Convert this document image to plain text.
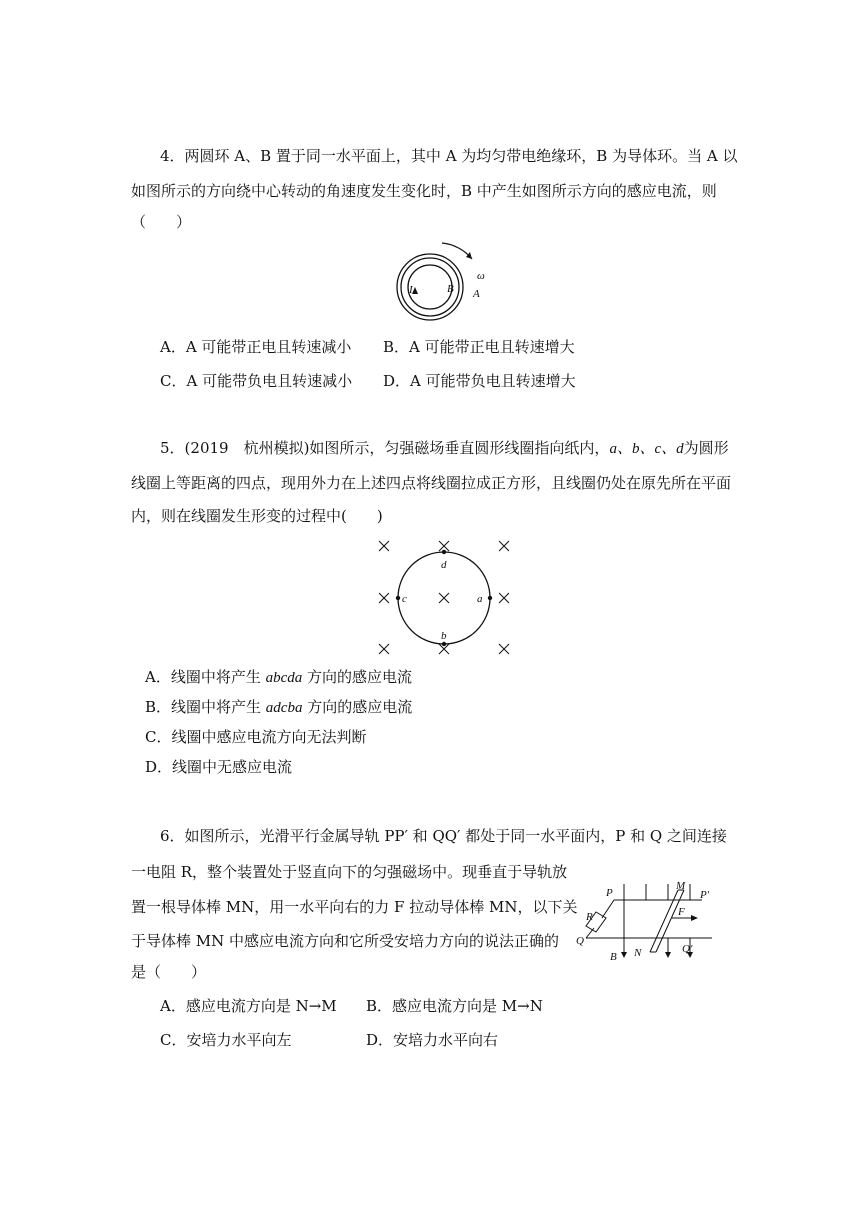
4．两圆环 A、B 置于同一水平面上，其中 A 为均匀带电绝缘环，B 为导体环。当 A 以
如图所示的方向绕中心转动的角速度发生变化时，B 中产生如图所示方向的感应电流，则
（　　）
ω
I	B A
A．A 可能带正电且转速减小 B．A 可能带正电且转速增大
C．A 可能带负电且转速减小 D．A 可能带负电且转速增大
5．(2019　杭州模拟)如图所示，匀强磁场垂直圆形线圈指向纸内，a、b、c、d为圆形
线圈上等距离的四点，现用外力在上述四点将线圈拉成正方形，且线圈仍处在原先所在平面
内，则在线圈发生形变的过程中(　　)
d
b
c	a
A．线圈中将产生 abcda 方向的感应电流
B．线圈中将产生 adcba 方向的感应电流
C．线圈中感应电流方向无法判断
D．线圈中无感应电流
6．如图所示，光滑平行金属导轨 PP′ 和 QQ′ 都处于同一水平面内，P 和 Q 之间连接
一电阻 R，整个装置处于竖直向下的匀强磁场中。现垂直于导轨放
置一根导体棒 MN，用一水平向右的力 F 拉动导体棒 MN，以下关
于导体棒 MN 中感应电流方向和它所受安培力方向的说法正确的
是（　　）
P
M
P′
R	F
Q
B N	Q′
A．感应电流方向是 N→M B．感应电流方向是 M→N
C．安培力水平向左	D．安培力水平向右
